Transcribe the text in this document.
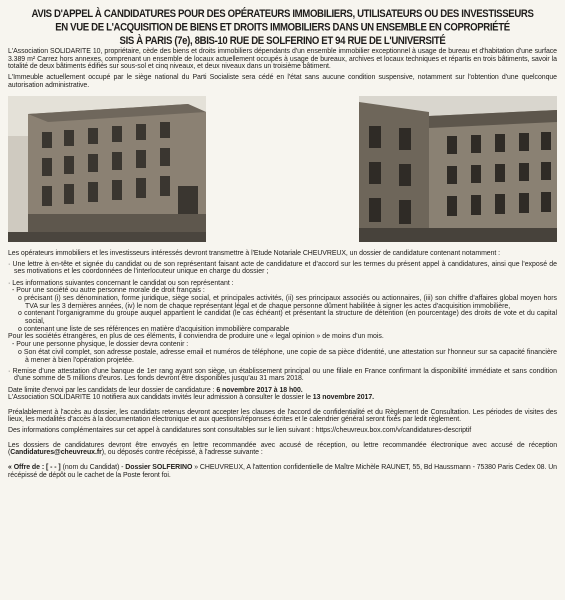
AVIS D'APPEL À CANDIDATURES POUR DES OPÉRATEURS IMMOBILIERS, UTILISATEURS OU DES INVESTISSEURS
EN VUE DE L'ACQUISITION DE BIENS ET DROITS IMMOBILIERS DANS UN ENSEMBLE EN COPROPRIÉTÉ
SIS À PARIS (7e), 8BIS-10 RUE DE SOLFERINO ET 94 RUE DE L'UNIVERSITÉ

L'Association SOLIDARITE 10, propriétaire, cède des biens et droits immobiliers dépendants d'un ensemble immobilier exceptionnel à usage de bureau et d'habitation d'une surface 3.389 m² Carrez hors annexes, comprenant un ensemble de locaux actuellement occupés à usage de bureaux, archives et locaux techniques et répartis en trois bâtiments, savoir la totalité de deux bâtiments édifiés sur sous-sol et cinq niveaux, et deux niveaux dans un troisième bâtiment.

L'Immeuble actuellement occupé par le siège national du Parti Socialiste sera cédé en l'état sans aucune condition suspensive, notamment sur l'obtention d'une quelconque autorisation administrative.

Les opérateurs immobiliers et les investisseurs intéressés devront transmettre à l'Etude Notariale CHEUVREUX, un dossier de candidature contenant notamment :

· Une lettre à en-tête et signée du candidat ou de son représentant faisant acte de candidature et d'accord sur les termes du présent appel à candidatures, ainsi que l'exposé de ses motivations et les coordonnées de l'interlocuteur unique en charge du dossier ;
· Les informations suivantes concernant le candidat ou son représentant :
- Pour une société ou autre personne morale de droit français :
o précisant (i) ses dénomination, forme juridique, siège social, et principales activités, (ii) ses principaux associés ou actionnaires, (iii) son chiffre d'affaires global moyen hors TVA sur les 3 dernières années, (iv) le nom de chaque représentant légal et de chaque personne dûment habilitée à signer les actes d'acquisition immobilière,
o contenant l'organigramme du groupe auquel appartient le candidat (le cas échéant) et présentant la structure de détention (en pourcentage) des droits de vote et du capital social,
o contenant une liste de ses références en matière d'acquisition immobilière comparable
Pour les sociétés étrangères, en plus de ces éléments, il conviendra de produire une « legal opinion » de moins d'un mois.
- Pour une personne physique, le dossier devra contenir :
o Son état civil complet, son adresse postale, adresse email et numéros de téléphone, une copie de sa pièce d'identité, une attestation sur l'honneur sur sa capacité financière à mener à bien l'opération projetée.
· Remise d'une attestation d'une banque de 1er rang ayant son siège, un établissement principal ou une filiale en France confirmant la disponibilité immédiate et sans condition d'une somme de 5 millions d'euros. Les fonds devront être disponibles jusqu'au 31 mars 2018.

Date limite d'envoi par les candidats de leur dossier de candidature : 6 novembre 2017 à 18 h00.

L'Association SOLIDARITE 10 notifiera aux candidats invités leur admission à consulter le dossier le 13 novembre 2017.

Préalablement à l'accès au dossier, les candidats retenus devront accepter les clauses de l'accord de confidentialité et du Règlement de Consultation. Les périodes de visites des lieux, les modalités d'accès à la documentation électronique et aux questions/réponses écrites et le calendrier général seront fixés par ledit règlement.

Des informations complémentaires sur cet appel à candidatures sont consultables sur le lien suivant : https://cheuvreux.box.com/v/candidatures-descriptif

Les dossiers de candidatures devront être envoyés en lettre recommandée avec accusé de réception, ou lettre recommandée électronique avec accusé de réception (Candidatures@cheuvreux.fr), ou déposés contre récépissé, à l'adresse suivante :

« Offre de : [ - - ] (nom du Candidat) - Dossier SOLFERINO » CHEUVREUX, A l'attention confidentielle de Maître Michèle RAUNET, 55, Bd Haussmann - 75380 Paris Cedex 08. Un récépissé de dépôt ou le cachet de la Poste feront foi.
